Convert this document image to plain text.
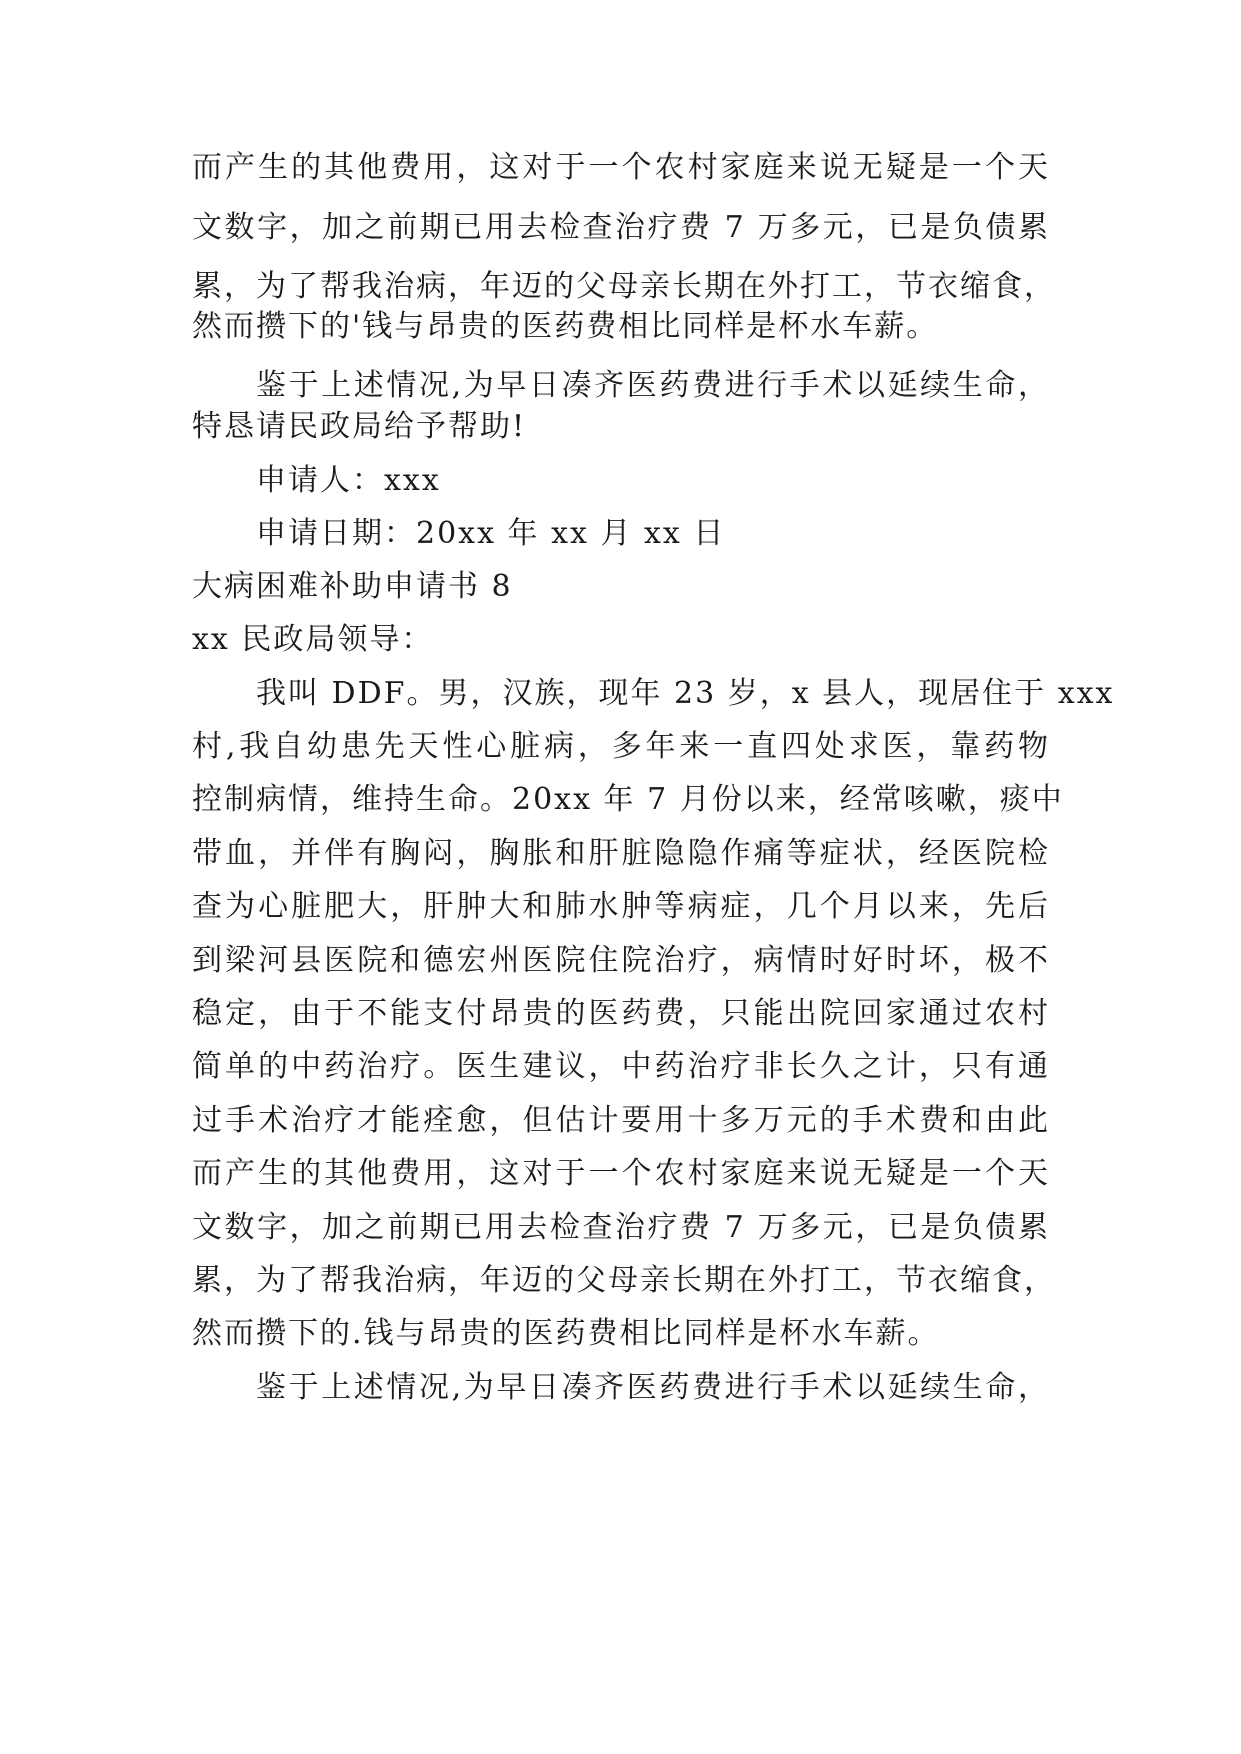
而产生的其他费用，这对于一个农村家庭来说无疑是一个天
文数字，加之前期已用去检查治疗费 7 万多元，已是负债累
累，为了帮我治病，年迈的父母亲长期在外打工，节衣缩食，
然而攒下的'钱与昂贵的医药费相比同样是杯水车薪。
鉴于上述情况,为早日凑齐医药费进行手术以延续生命，
特恳请民政局给予帮助!
申请人：xxx
申请日期：20xx 年 xx 月 xx 日
大病困难补助申请书 8
xx 民政局领导：
我叫 DDF。男，汉族，现年 23 岁，x 县人，现居住于 xxx
村,我自幼患先天性心脏病，多年来一直四处求医，靠药物
控制病情，维持生命。20xx 年 7 月份以来，经常咳嗽，痰中
带血，并伴有胸闷，胸胀和肝脏隐隐作痛等症状，经医院检
查为心脏肥大，肝肿大和肺水肿等病症，几个月以来，先后
到梁河县医院和德宏州医院住院治疗，病情时好时坏，极不
稳定，由于不能支付昂贵的医药费，只能出院回家通过农村
简单的中药治疗。医生建议，中药治疗非长久之计，只有通
过手术治疗才能痊愈，但估计要用十多万元的手术费和由此
而产生的其他费用，这对于一个农村家庭来说无疑是一个天
文数字，加之前期已用去检查治疗费 7 万多元，已是负债累
累，为了帮我治病，年迈的父母亲长期在外打工，节衣缩食，
然而攒下的.钱与昂贵的医药费相比同样是杯水车薪。
鉴于上述情况,为早日凑齐医药费进行手术以延续生命，
